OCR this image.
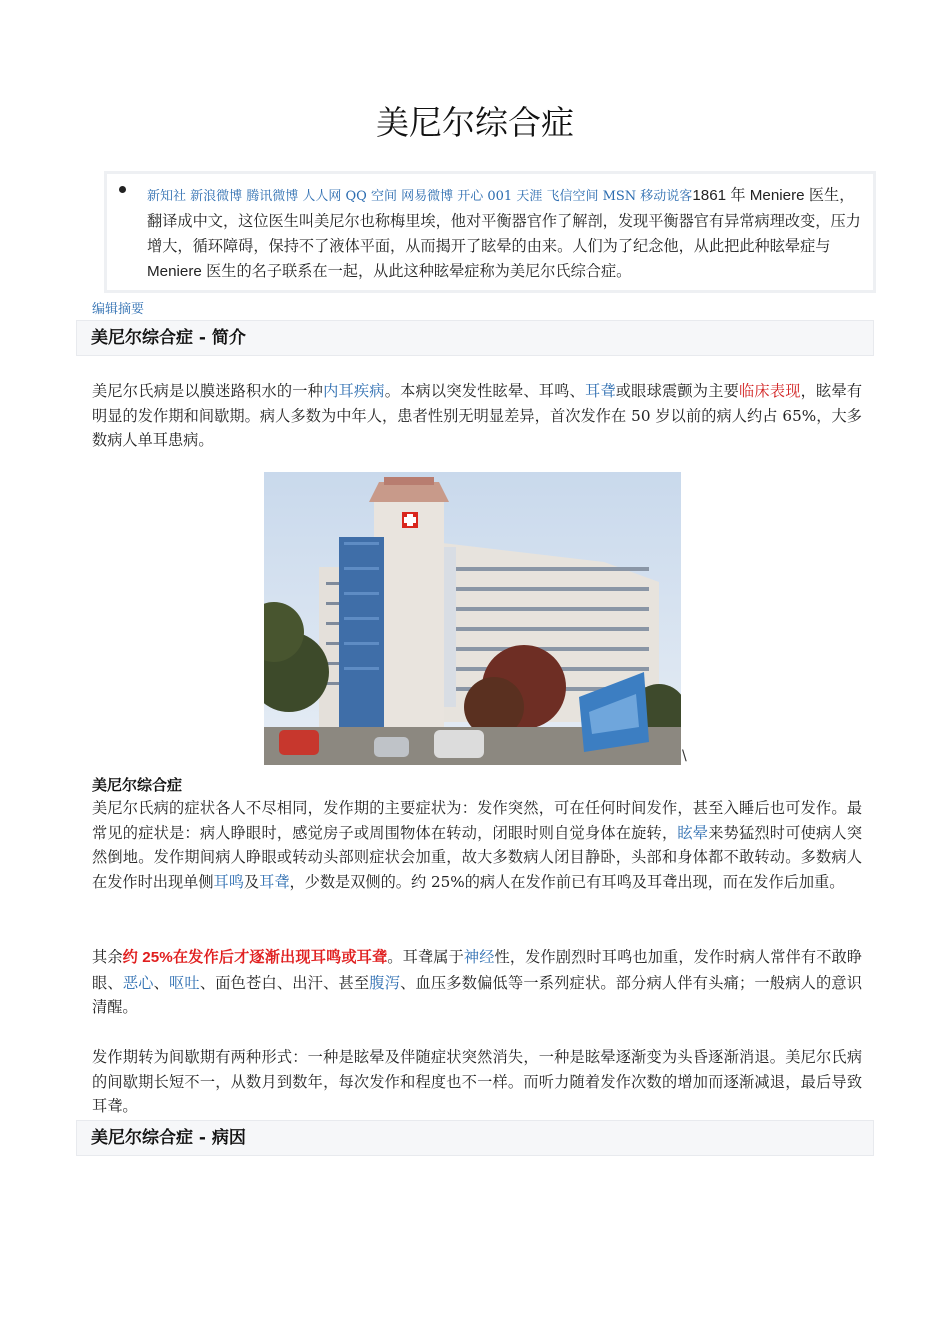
美尼尔综合症

新知社 新浪微博 腾讯微博 人人网 QQ 空间 网易微博 开心 001 天涯 飞信空间 MSN 移动说客1861 年 Meniere 医生，翻译成中文，这位医生叫美尼尔也称梅里埃，他对平衡器官作了解剖，发现平衡器官有异常病理改变，压力增大，循环障碍，保持不了液体平面，从而揭开了眩晕的由来。人们为了纪念他，从此把此种眩晕症与 Meniere 医生的名子联系在一起，从此这种眩晕症称为美尼尔氏综合症。

编辑摘要
美尼尔综合症 - 简介

美尼尔氏病是以膜迷路积水的一种内耳疾病。本病以突发性眩晕、耳鸣、耳聋或眼球震颤为主要临床表现，眩晕有明显的发作期和间歇期。病人多数为中年人，患者性别无明显差异，首次发作在 50 岁以前的病人约占 65%，大多数病人单耳患病。

\
美尼尔综合症

美尼尔氏病的症状各人不尽相同，发作期的主要症状为：发作突然，可在任何时间发作，甚至入睡后也可发作。最常见的症状是：病人睁眼时，感觉房子或周围物体在转动，闭眼时则自觉身体在旋转，眩晕来势猛烈时可使病人突然倒地。发作期间病人睁眼或转动头部则症状会加重，故大多数病人闭目静卧，头部和身体都不敢转动。多数病人在发作时出现单侧耳鸣及耳聋，少数是双侧的。约 25%的病人在发作前已有耳鸣及耳聋出现，而在发作后加重。

其余约 25%在发作后才逐渐出现耳鸣或耳聋。耳聋属于神经性，发作剧烈时耳鸣也加重，发作时病人常伴有不敢睁眼、恶心、呕吐、面色苍白、出汗、甚至腹泻、血压多数偏低等一系列症状。部分病人伴有头痛；一般病人的意识清醒。

发作期转为间歇期有两种形式：一种是眩晕及伴随症状突然消失，一种是眩晕逐渐变为头昏逐渐消退。美尼尔氏病的间歇期长短不一，从数月到数年，每次发作和程度也不一样。而听力随着发作次数的增加而逐渐减退，最后导致耳聋。

美尼尔综合症 - 病因
